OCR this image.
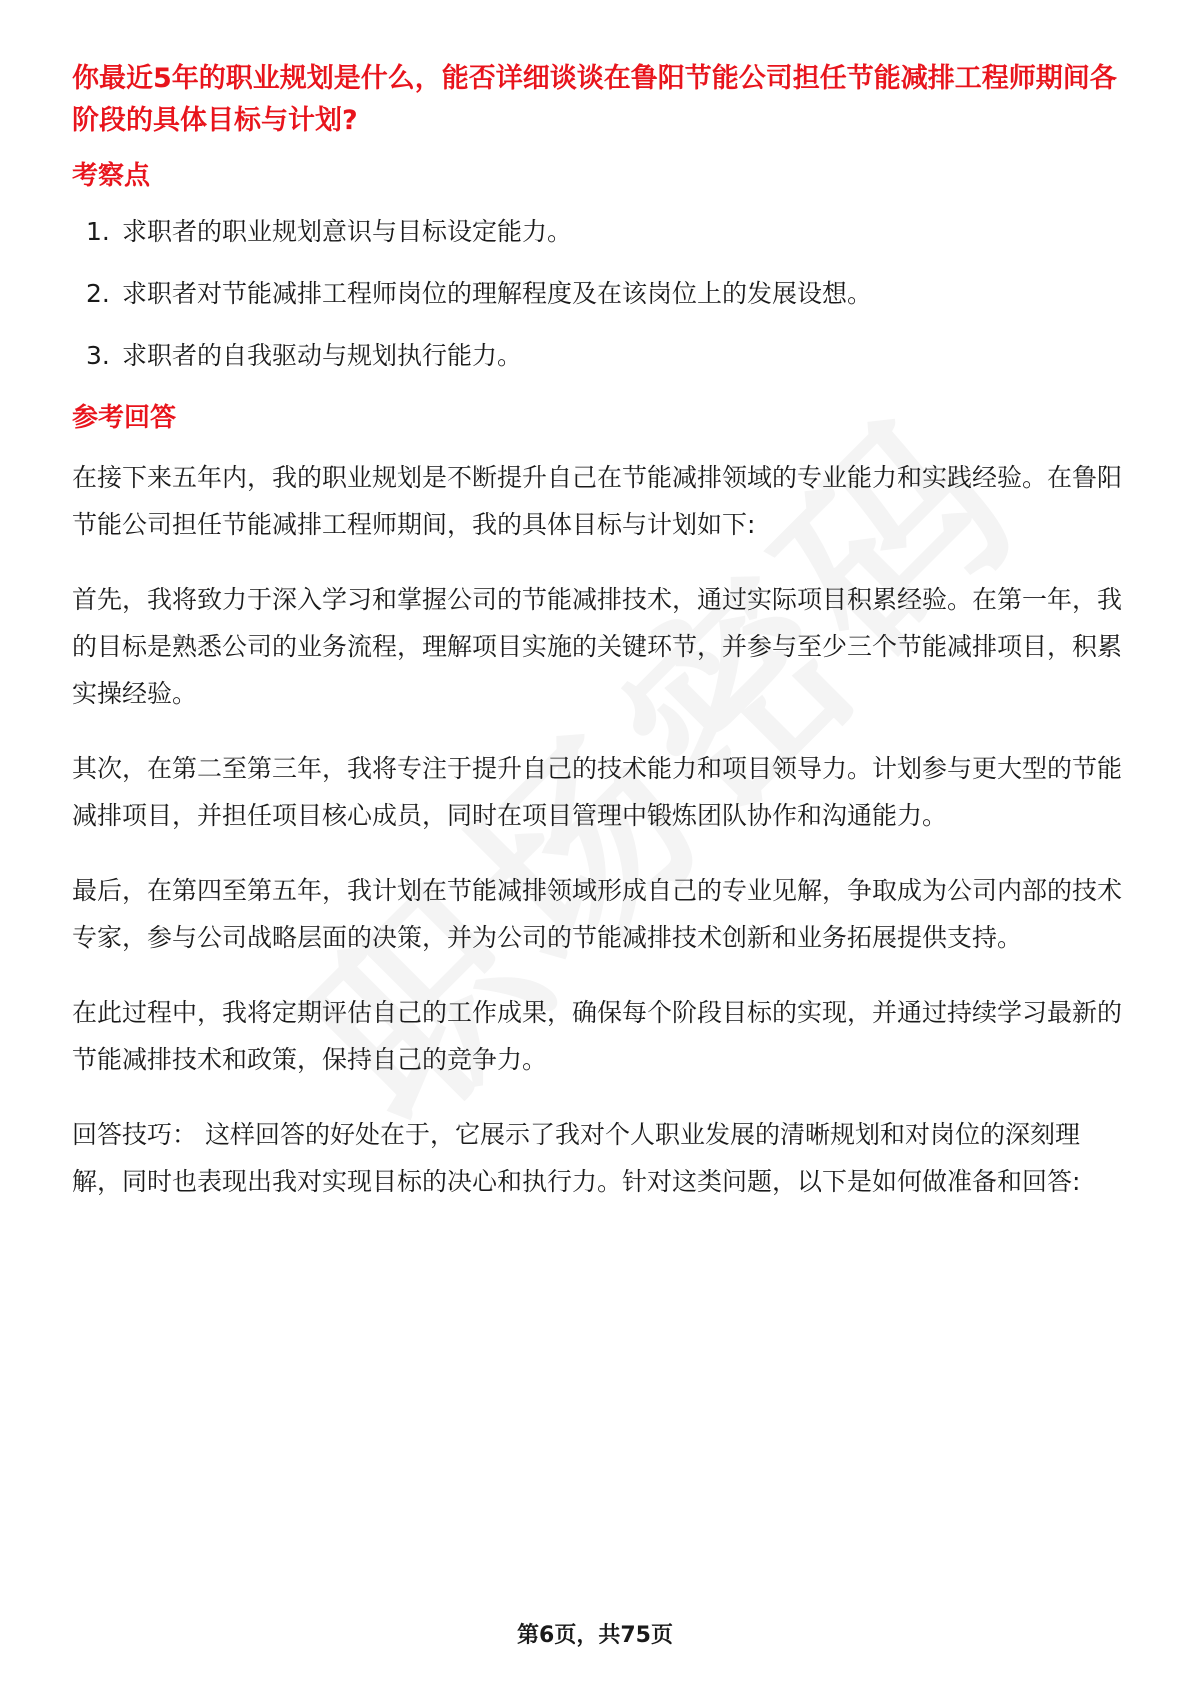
你最近5年的职业规划是什么，能否详细谈谈在鲁阳节能公司担任节能减排工程师期间各阶段的具体目标与计划?
考察点
1. 求职者的职业规划意识与目标设定能力。
2. 求职者对节能减排工程师岗位的理解程度及在该岗位上的发展设想。
3. 求职者的自我驱动与规划执行能力。
参考回答

在接下来五年内，我的职业规划是不断提升自己在节能减排领域的专业能力和实践经验。在鲁阳节能公司担任节能减排工程师期间，我的具体目标与计划如下:

首先，我将致力于深入学习和掌握公司的节能减排技术，通过实际项目积累经验。在第一年，我的目标是熟悉公司的业务流程，理解项目实施的关键环节，并参与至少三个节能减排项目，积累实操经验。

其次，在第二至第三年，我将专注于提升自己的技术能力和项目领导力。计划参与更大型的节能减排项目，并担任项目核心成员，同时在项目管理中锻炼团队协作和沟通能力。

最后，在第四至第五年，我计划在节能减排领域形成自己的专业见解，争取成为公司内部的技术专家，参与公司战略层面的决策，并为公司的节能减排技术创新和业务拓展提供支持。

在此过程中，我将定期评估自己的工作成果，确保每个阶段目标的实现，并通过持续学习最新的节能减排技术和政策，保持自己的竞争力。

回答技巧： 这样回答的好处在于，它展示了我对个人职业发展的清晰规划和对岗位的深刻理解，同时也表现出我对实现目标的决心和执行力。针对这类问题，以下是如何做准备和回答:

第6页，共75页
